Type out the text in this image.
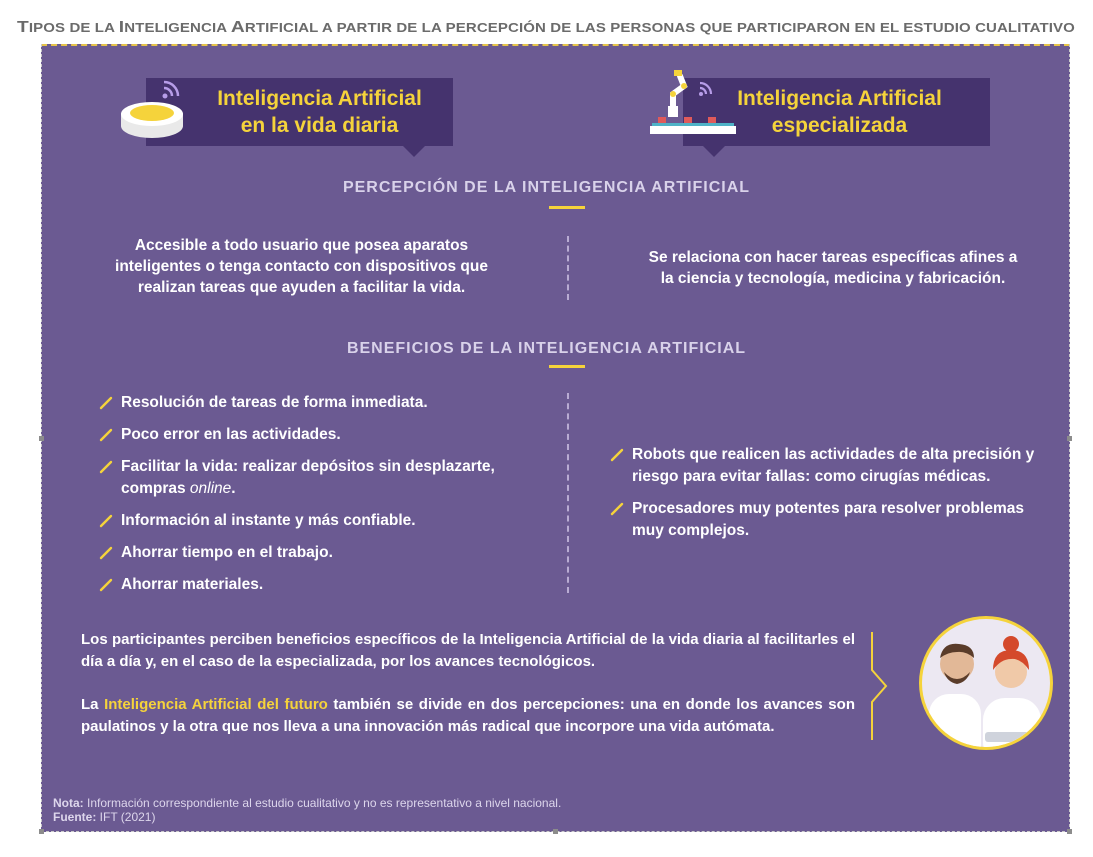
T IPOS DE LA INTELIGENCIA A RTIFICIAL A PARTIR DE LA PERCEPCIÓN DE LAS PERSONAS QUE PARTICIPARON EN EL ESTUDIO CUALITATIVO
Inteligencia Artificial
en la vida diaria
Inteligencia Artificial
especializada
PERCEPCIÓN DE LA INTELIGENCIA ARTIFICIAL
Accesible a todo usuario que posea aparatos inteligentes o tenga contacto con dispositivos que realizan tareas que ayuden a facilitar la vida.
Se relaciona con hacer tareas específicas afines a la ciencia y tecnología, medicina y fabricación.
BENEFICIOS DE LA INTELIGENCIA ARTIFICIAL
Resolución de tareas de forma inmediata.
Poco error en las actividades.
Facilitar la vida: realizar depósitos sin desplazarte, compras online.
Información al instante y más confiable.
Ahorrar tiempo en el trabajo.
Ahorrar materiales.
Robots que realicen las actividades de alta precisión y riesgo para evitar fallas: como cirugías médicas.
Procesadores muy potentes para resolver problemas muy complejos.
Los participantes perciben beneficios específicos de la Inteligencia Artificial de la vida diaria al facilitarles el día a día y, en el caso de la especializada, por los avances tecnológicos.
La Inteligencia Artificial del futuro también se divide en dos percepciones: una en donde los avances son paulatinos y la otra que nos lleva a una innovación más radical que incorpore una vida autómata.
Nota: Información correspondiente al estudio cualitativo y no es representativo a nivel nacional.
Fuente: IFT (2021)
